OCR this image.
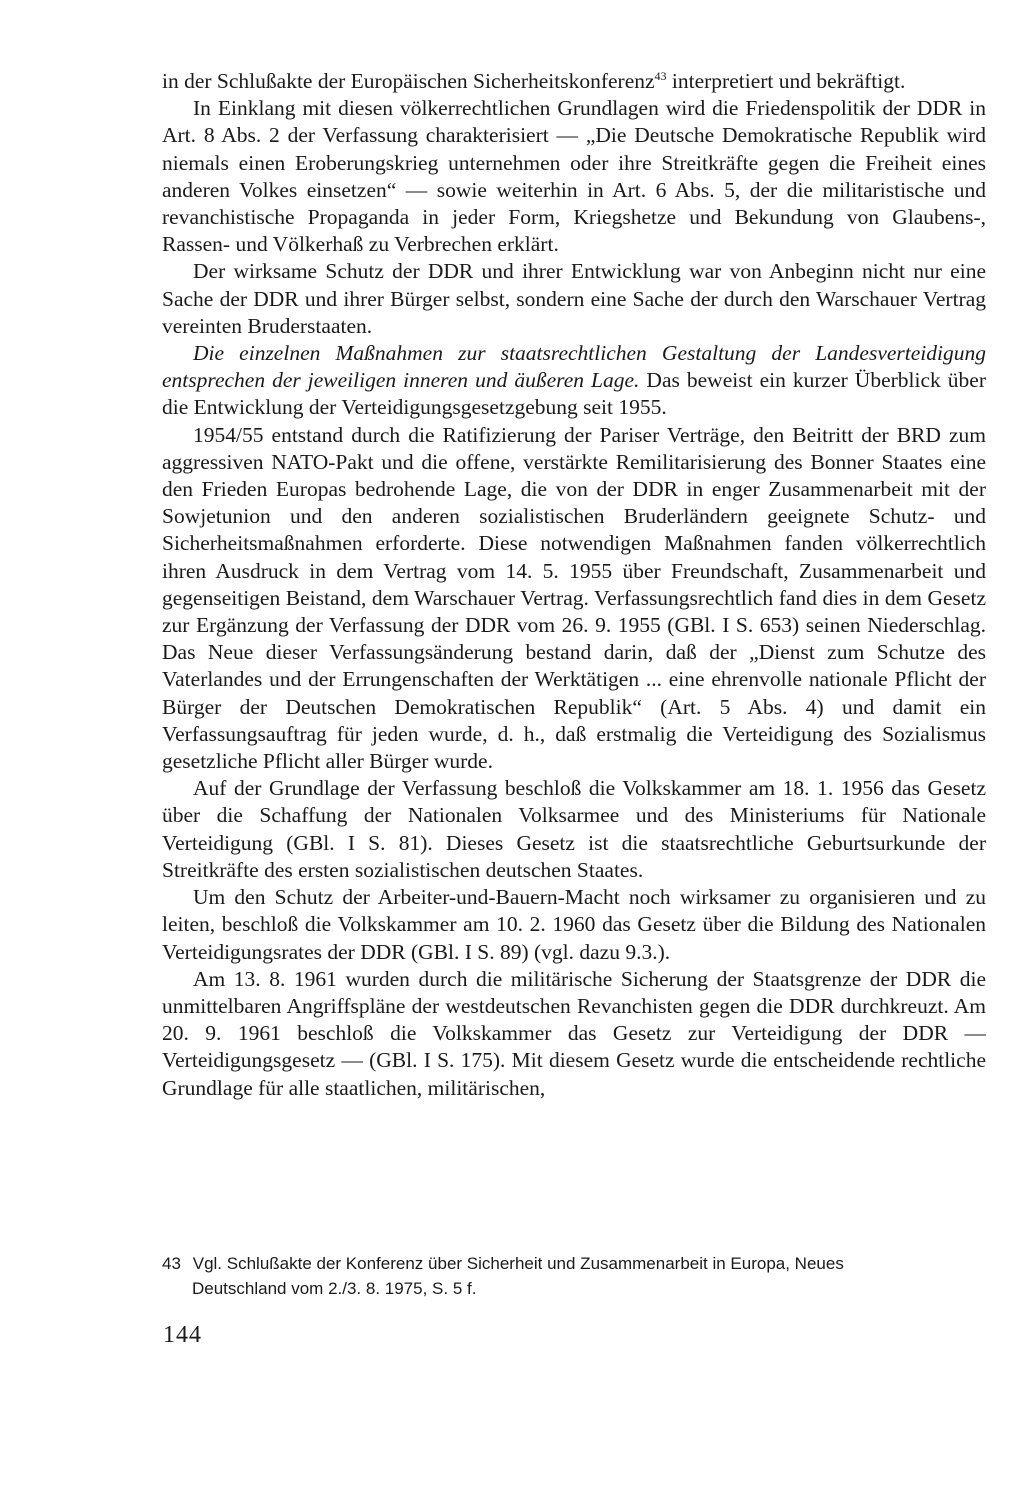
in der Schlußakte der Europäischen Sicherheitskonferenz$^{43}$ interpretiert und bekräftigt.

In Einklang mit diesen völkerrechtlichen Grundlagen wird die Friedenspolitik der DDR in Art. 8 Abs. 2 der Verfassung charakterisiert — „Die Deutsche Demokratische Republik wird niemals einen Eroberungskrieg unternehmen oder ihre Streitkräfte gegen die Freiheit eines anderen Volkes einsetzen“ — sowie weiterhin in Art. 6 Abs. 5, der die militaristische und revanchistische Propaganda in jeder Form, Kriegshetze und Bekundung von Glaubens-, Rassen- und Völkerhaß zu Verbrechen erklärt.

Der wirksame Schutz der DDR und ihrer Entwicklung war von Anbeginn nicht nur eine Sache der DDR und ihrer Bürger selbst, sondern eine Sache der durch den Warschauer Vertrag vereinten Bruderstaaten.

Die einzelnen Maßnahmen zur staatsrechtlichen Gestaltung der Landesverteidigung entsprechen der jeweiligen inneren und äußeren Lage. Das beweist ein kurzer Überblick über die Entwicklung der Verteidigungsgesetzgebung seit 1955.

1954/55 entstand durch die Ratifizierung der Pariser Verträge, den Beitritt der BRD zum aggressiven NATO-Pakt und die offene, verstärkte Remilitarisierung des Bonner Staates eine den Frieden Europas bedrohende Lage, die von der DDR in enger Zusammenarbeit mit der Sowjetunion und den anderen sozialistischen Bruderländern geeignete Schutz- und Sicherheitsmaßnahmen erforderte. Diese notwendigen Maßnahmen fanden völkerrechtlich ihren Ausdruck in dem Vertrag vom 14. 5. 1955 über Freundschaft, Zusammenarbeit und gegenseitigen Beistand, dem Warschauer Vertrag. Verfassungsrechtlich fand dies in dem Gesetz zur Ergänzung der Verfassung der DDR vom 26. 9. 1955 (GBl. I S. 653) seinen Niederschlag. Das Neue dieser Verfassungsänderung bestand darin, daß der „Dienst zum Schutze des Vaterlandes und der Errungenschaften der Werktätigen ... eine ehrenvolle nationale Pflicht der Bürger der Deutschen Demokratischen Republik“ (Art. 5 Abs. 4) und damit ein Verfassungsauftrag für jeden wurde, d. h., daß erstmalig die Verteidigung des Sozialismus gesetzliche Pflicht aller Bürger wurde.

Auf der Grundlage der Verfassung beschloß die Volkskammer am 18. 1. 1956 das Gesetz über die Schaffung der Nationalen Volksarmee und des Ministeriums für Nationale Verteidigung (GBl. I S. 81). Dieses Gesetz ist die staatsrechtliche Geburtsurkunde der Streitkräfte des ersten sozialistischen deutschen Staates.

Um den Schutz der Arbeiter-und-Bauern-Macht noch wirksamer zu organisieren und zu leiten, beschloß die Volkskammer am 10. 2. 1960 das Gesetz über die Bildung des Nationalen Verteidigungsrates der DDR (GBl. I S. 89) (vgl. dazu 9.3.).

Am 13. 8. 1961 wurden durch die militärische Sicherung der Staatsgrenze der DDR die unmittelbaren Angriffspläne der westdeutschen Revanchisten gegen die DDR durchkreuzt. Am 20. 9. 1961 beschloß die Volkskammer das Gesetz zur Verteidigung der DDR — Verteidigungsgesetz — (GBl. I S. 175). Mit diesem Gesetz wurde die entscheidende rechtliche Grundlage für alle staatlichen, militärischen,

43 Vgl. Schlußakte der Konferenz über Sicherheit und Zusammenarbeit in Europa, Neues
Deutschland vom 2./3. 8. 1975, S. 5 f.
144
